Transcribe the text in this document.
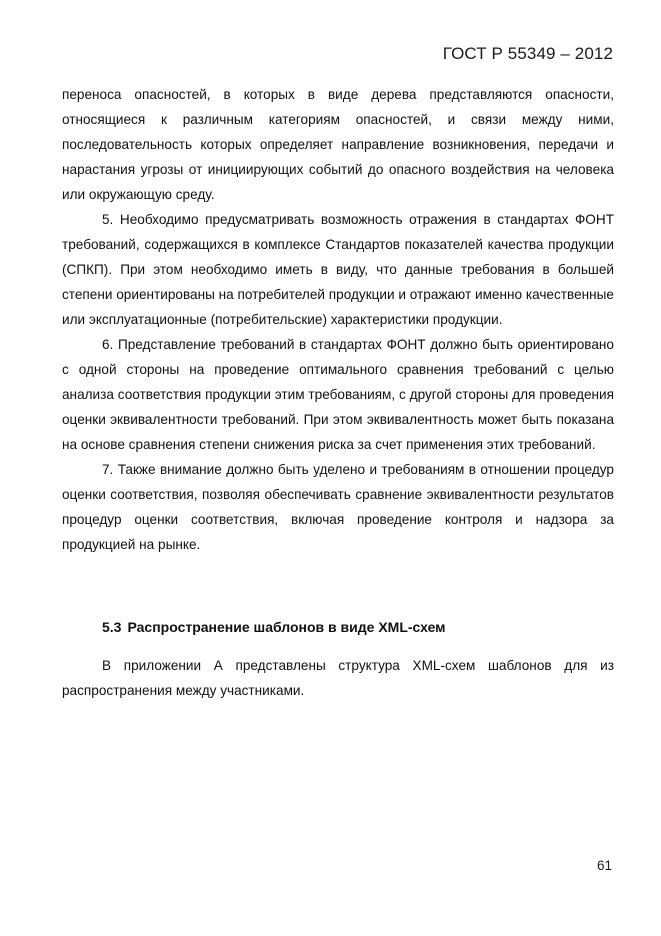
ГОСТ Р 55349 – 2012

переноса опасностей, в которых в виде дерева представляются опасности, относящиеся к различным категориям опасностей, и связи между ними, последовательность которых определяет направление возникновения, передачи и нарастания угрозы от инициирующих событий до опасного воздействия на человека или окружающую среду.

5. Необходимо предусматривать возможность отражения в стандартах ФОНТ требований, содержащихся в комплексе Стандартов показателей качества продукции (СПКП). При этом необходимо иметь в виду, что данные требования в большей степени ориентированы на потребителей продукции и отражают именно качественные или эксплуатационные (потребительские) характеристики продукции.

6. Представление требований в стандартах ФОНТ должно быть ориентировано с одной стороны на проведение оптимального сравнения требований с целью анализа соответствия продукции этим требованиям, с другой стороны для проведения оценки эквивалентности требований. При этом эквивалентность может быть показана на основе сравнения степени снижения риска за счет применения этих требований.

7. Также внимание должно быть уделено и требованиям в отношении процедур оценки соответствия, позволяя обеспечивать сравнение эквивалентности результатов процедур оценки соответствия, включая проведение контроля и надзора за продукцией на рынке.

5.3 Распространение шаблонов в виде XML-схем

В приложении А представлены структура XML-схем шаблонов для из распространения между участниками.

61
